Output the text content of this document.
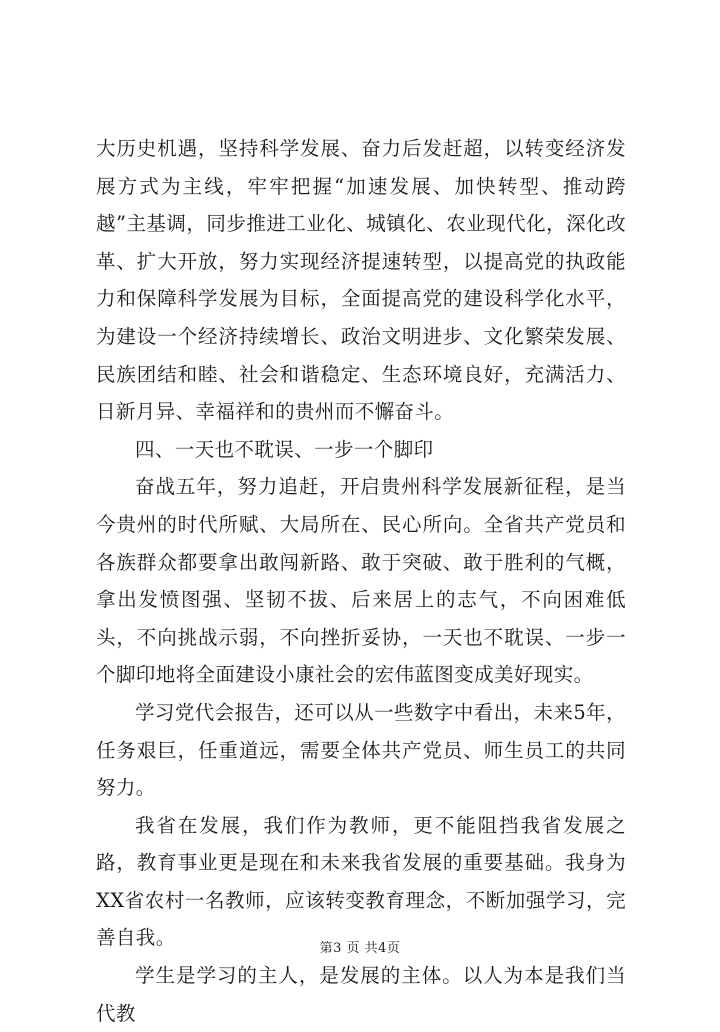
大历史机遇，坚持科学发展、奋力后发赶超，以转变经济发展方式为主线，牢牢把握“加速发展、加快转型、推动跨越”主基调，同步推进工业化、城镇化、农业现代化，深化改革、扩大开放，努力实现经济提速转型，以提高党的执政能力和保障科学发展为目标，全面提高党的建设科学化水平，为建设一个经济持续增长、政治文明进步、文化繁荣发展、民族团结和睦、社会和谐稳定、生态环境良好，充满活力、日新月异、幸福祥和的贵州而不懈奋斗。

四、一天也不耽误、一步一个脚印

奋战五年，努力追赶，开启贵州科学发展新征程，是当今贵州的时代所赋、大局所在、民心所向。全省共产党员和各族群众都要拿出敢闯新路、敢于突破、敢于胜利的气概，拿出发愤图强、坚韧不拔、后来居上的志气，不向困难低头，不向挑战示弱，不向挫折妥协，一天也不耽误、一步一个脚印地将全面建设小康社会的宏伟蓝图变成美好现实。

学习党代会报告，还可以从一些数字中看出，未来5年，任务艰巨，任重道远，需要全体共产党员、师生员工的共同努力。

我省在发展，我们作为教师，更不能阻挡我省发展之路，教育事业更是现在和未来我省发展的重要基础。我身为XX省农村一名教师，应该转变教育理念，不断加强学习，完善自我。

学生是学习的主人，是发展的主体。以人为本是我们当代教

第3 页 共4页
